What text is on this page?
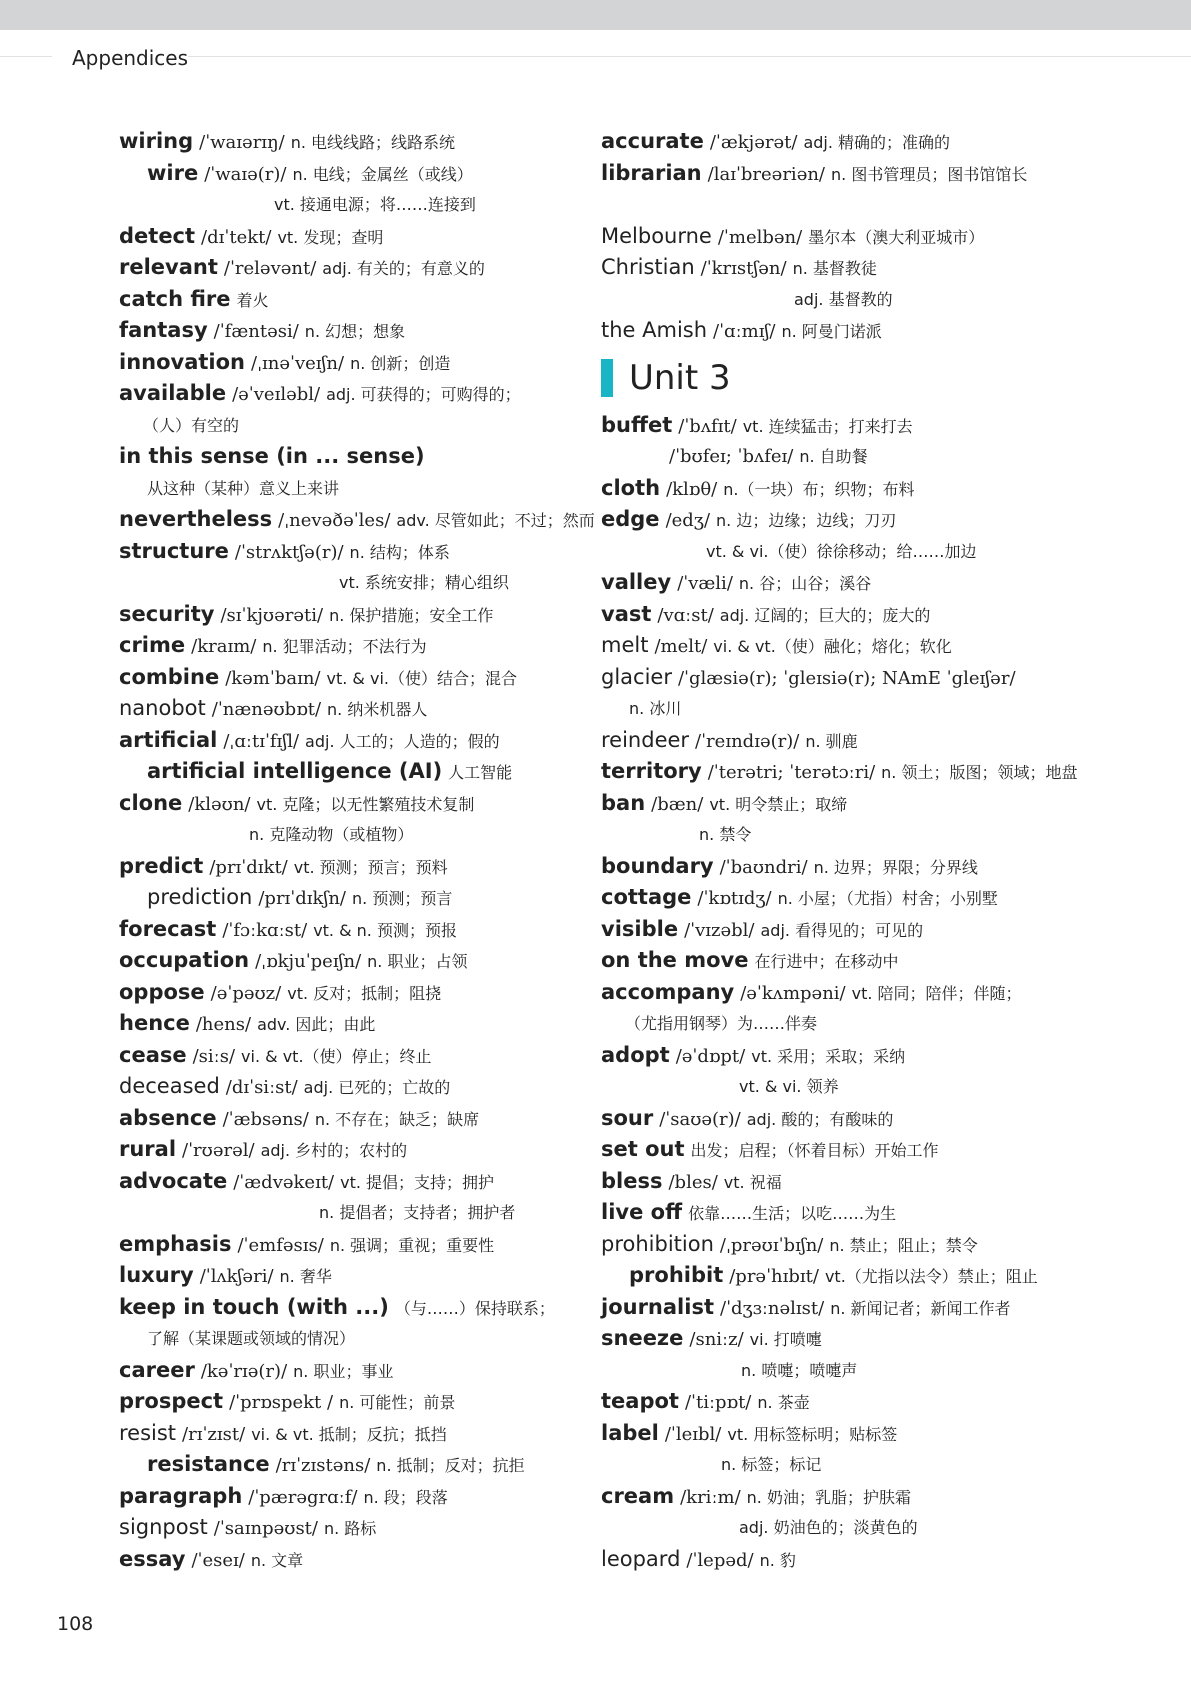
Appendices
wiring /ˈwaɪərɪŋ/ n. 电线线路；线路系统
wire /ˈwaɪə(r)/ n. 电线；金属丝（或线）
vt. 接通电源；将……连接到
detect /dɪˈtekt/ vt. 发现；查明
relevant /ˈreləvənt/ adj. 有关的；有意义的
catch fire 着火
fantasy /ˈfæntəsi/ n. 幻想；想象
innovation /ˌɪnəˈveɪʃn/ n. 创新；创造
available /əˈveɪləbl/ adj. 可获得的；可购得的；
（人）有空的
in this sense (in ... sense)
从这种（某种）意义上来讲
nevertheless /ˌnevəðəˈles/ adv. 尽管如此；不过；然而
structure /ˈstrʌktʃə(r)/ n. 结构；体系
vt. 系统安排；精心组织
security /sɪˈkjʊərəti/ n. 保护措施；安全工作
crime /kraɪm/ n. 犯罪活动；不法行为
combine /kəmˈbaɪn/ vt. & vi.（使）结合；混合
nanobot /ˈnænəʊbɒt/ n. 纳米机器人
artificial /ˌɑːtɪˈfɪʃl/ adj. 人工的；人造的；假的
artificial intelligence (AI) 人工智能
clone /kləʊn/ vt. 克隆；以无性繁殖技术复制
n. 克隆动物（或植物）
predict /prɪˈdɪkt/ vt. 预测；预言；预料
prediction /prɪˈdɪkʃn/ n. 预测；预言
forecast /ˈfɔːkɑːst/ vt. & n. 预测；预报
occupation /ˌɒkjuˈpeɪʃn/ n. 职业；占领
oppose /əˈpəʊz/ vt. 反对；抵制；阻挠
hence /hens/ adv. 因此；由此
cease /siːs/ vi. & vt.（使）停止；终止
deceased /dɪˈsiːst/ adj. 已死的；亡故的
absence /ˈæbsəns/ n. 不存在；缺乏；缺席
rural /ˈrʊərəl/ adj. 乡村的；农村的
advocate /ˈædvəkeɪt/ vt. 提倡；支持；拥护
n. 提倡者；支持者；拥护者
emphasis /ˈemfəsɪs/ n. 强调；重视；重要性
luxury /ˈlʌkʃəri/ n. 奢华
keep in touch (with ...) （与……）保持联系；
了解（某课题或领域的情况）
career /kəˈrɪə(r)/ n. 职业；事业
prospect /ˈprɒspekt / n. 可能性；前景
resist /rɪˈzɪst/ vi. & vt. 抵制；反抗；抵挡
resistance /rɪˈzɪstəns/ n. 抵制；反对；抗拒
paragraph /ˈpærəgrɑːf/ n. 段；段落
signpost /ˈsaɪnpəʊst/ n. 路标
essay /ˈeseɪ/ n. 文章
accurate /ˈækjərət/ adj. 精确的；准确的
librarian /laɪˈbreəriən/ n. 图书管理员；图书馆馆长
Melbourne /ˈmelbən/ 墨尔本（澳大利亚城市）
Christian /ˈkrɪstʃən/ n. 基督教徒
adj. 基督教的
the Amish /ˈɑːmɪʃ/ n. 阿曼门诺派
Unit 3
buffet /ˈbʌfɪt/ vt. 连续猛击；打来打去
/ˈbʊfeɪ; ˈbʌfeɪ/ n. 自助餐
cloth /klɒθ/ n.（一块）布；织物；布料
edge /edʒ/ n. 边；边缘；边线；刀刃
vt. & vi.（使）徐徐移动；给……加边
valley /ˈvæli/ n. 谷；山谷；溪谷
vast /vɑːst/ adj. 辽阔的；巨大的；庞大的
melt /melt/ vi. & vt.（使）融化；熔化；软化
glacier /ˈglæsiə(r); ˈgleɪsiə(r); NAmE ˈgleɪʃər/
n. 冰川
reindeer /ˈreɪndɪə(r)/ n. 驯鹿
territory /ˈterətri; ˈterətɔːri/ n. 领土；版图；领域；地盘
ban /bæn/ vt. 明令禁止；取缔
n. 禁令
boundary /ˈbaʊndri/ n. 边界；界限；分界线
cottage /ˈkɒtɪdʒ/ n. 小屋；（尤指）村舍；小别墅
visible /ˈvɪzəbl/ adj. 看得见的；可见的
on the move 在行进中；在移动中
accompany /əˈkʌmpəni/ vt. 陪同；陪伴；伴随；
（尤指用钢琴）为……伴奏
adopt /əˈdɒpt/ vt. 采用；采取；采纳
vt. & vi. 领养
sour /ˈsaʊə(r)/ adj. 酸的；有酸味的
set out 出发；启程；（怀着目标）开始工作
bless /bles/ vt. 祝福
live off 依靠……生活；以吃……为生
prohibition /ˌprəʊɪˈbɪʃn/ n. 禁止；阻止；禁令
prohibit /prəˈhɪbɪt/ vt.（尤指以法令）禁止；阻止
journalist /ˈdʒɜːnəlɪst/ n. 新闻记者；新闻工作者
sneeze /sniːz/ vi. 打喷嚏
n. 喷嚏；喷嚏声
teapot /ˈtiːpɒt/ n. 茶壶
label /ˈleɪbl/ vt. 用标签标明；贴标签
n. 标签；标记
cream /kriːm/ n. 奶油；乳脂；护肤霜
adj. 奶油色的；淡黄色的
leopard /ˈlepəd/ n. 豹
108
